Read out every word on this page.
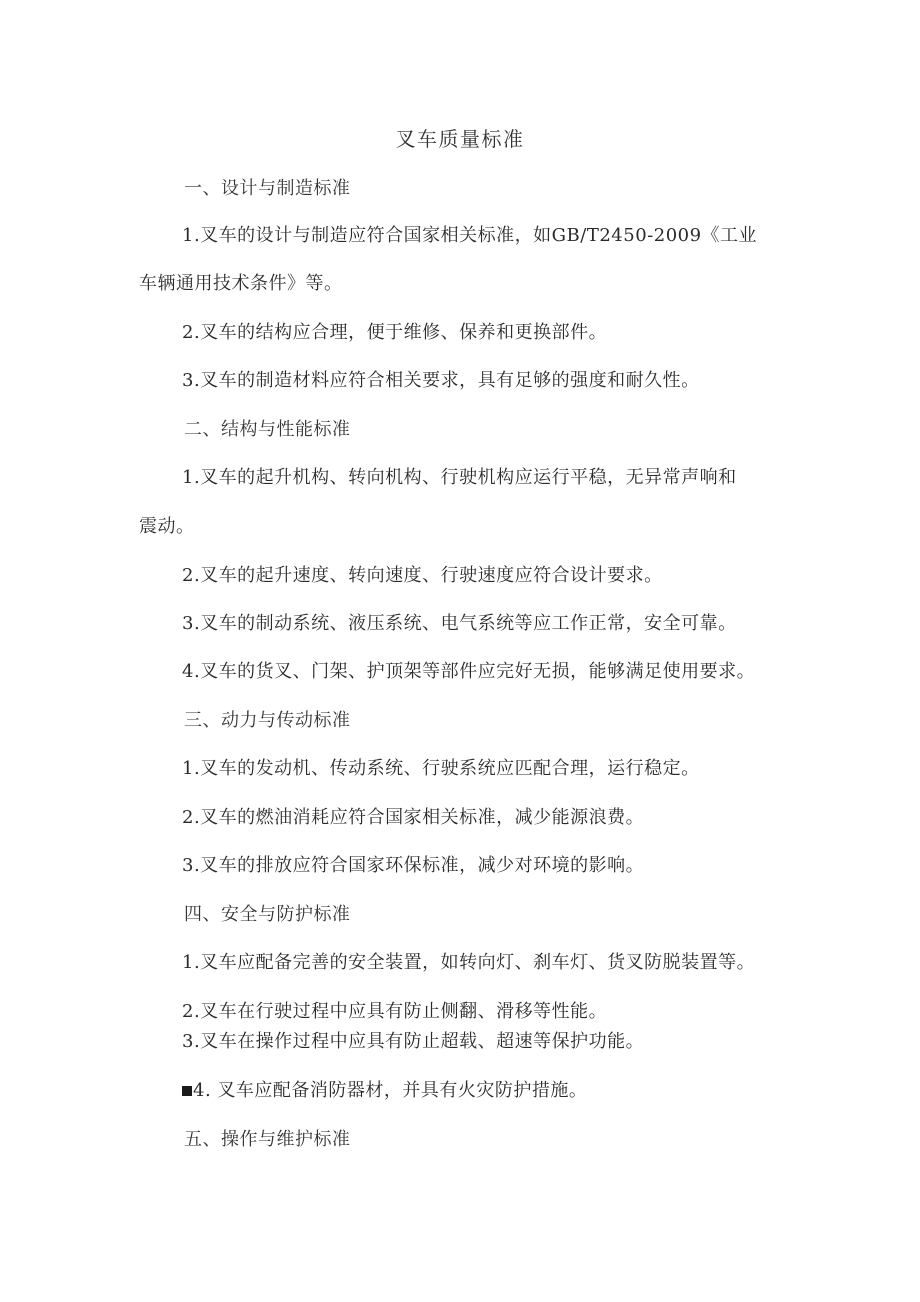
叉车质量标准
一、设计与制造标准
1.叉车的设计与制造应符合国家相关标准，如GB/T2450-2009《工业
车辆通用技术条件》等。
2.叉车的结构应合理，便于维修、保养和更换部件。
3.叉车的制造材料应符合相关要求，具有足够的强度和耐久性。
二、结构与性能标准
1.叉车的起升机构、转向机构、行驶机构应运行平稳，无异常声响和
震动。
2.叉车的起升速度、转向速度、行驶速度应符合设计要求。
3.叉车的制动系统、液压系统、电气系统等应工作正常，安全可靠。
4.叉车的货叉、门架、护顶架等部件应完好无损，能够满足使用要求。
三、动力与传动标准
1.叉车的发动机、传动系统、行驶系统应匹配合理，运行稳定。
2.叉车的燃油消耗应符合国家相关标准，减少能源浪费。
3.叉车的排放应符合国家环保标准，减少对环境的影响。
四、安全与防护标准
1.叉车应配备完善的安全装置，如转向灯、刹车灯、货叉防脱装置等。
2.叉车在行驶过程中应具有防止侧翻、滑移等性能。
3.叉车在操作过程中应具有防止超载、超速等保护功能。
4. 叉车应配备消防器材，并具有火灾防护措施。
五、操作与维护标准
